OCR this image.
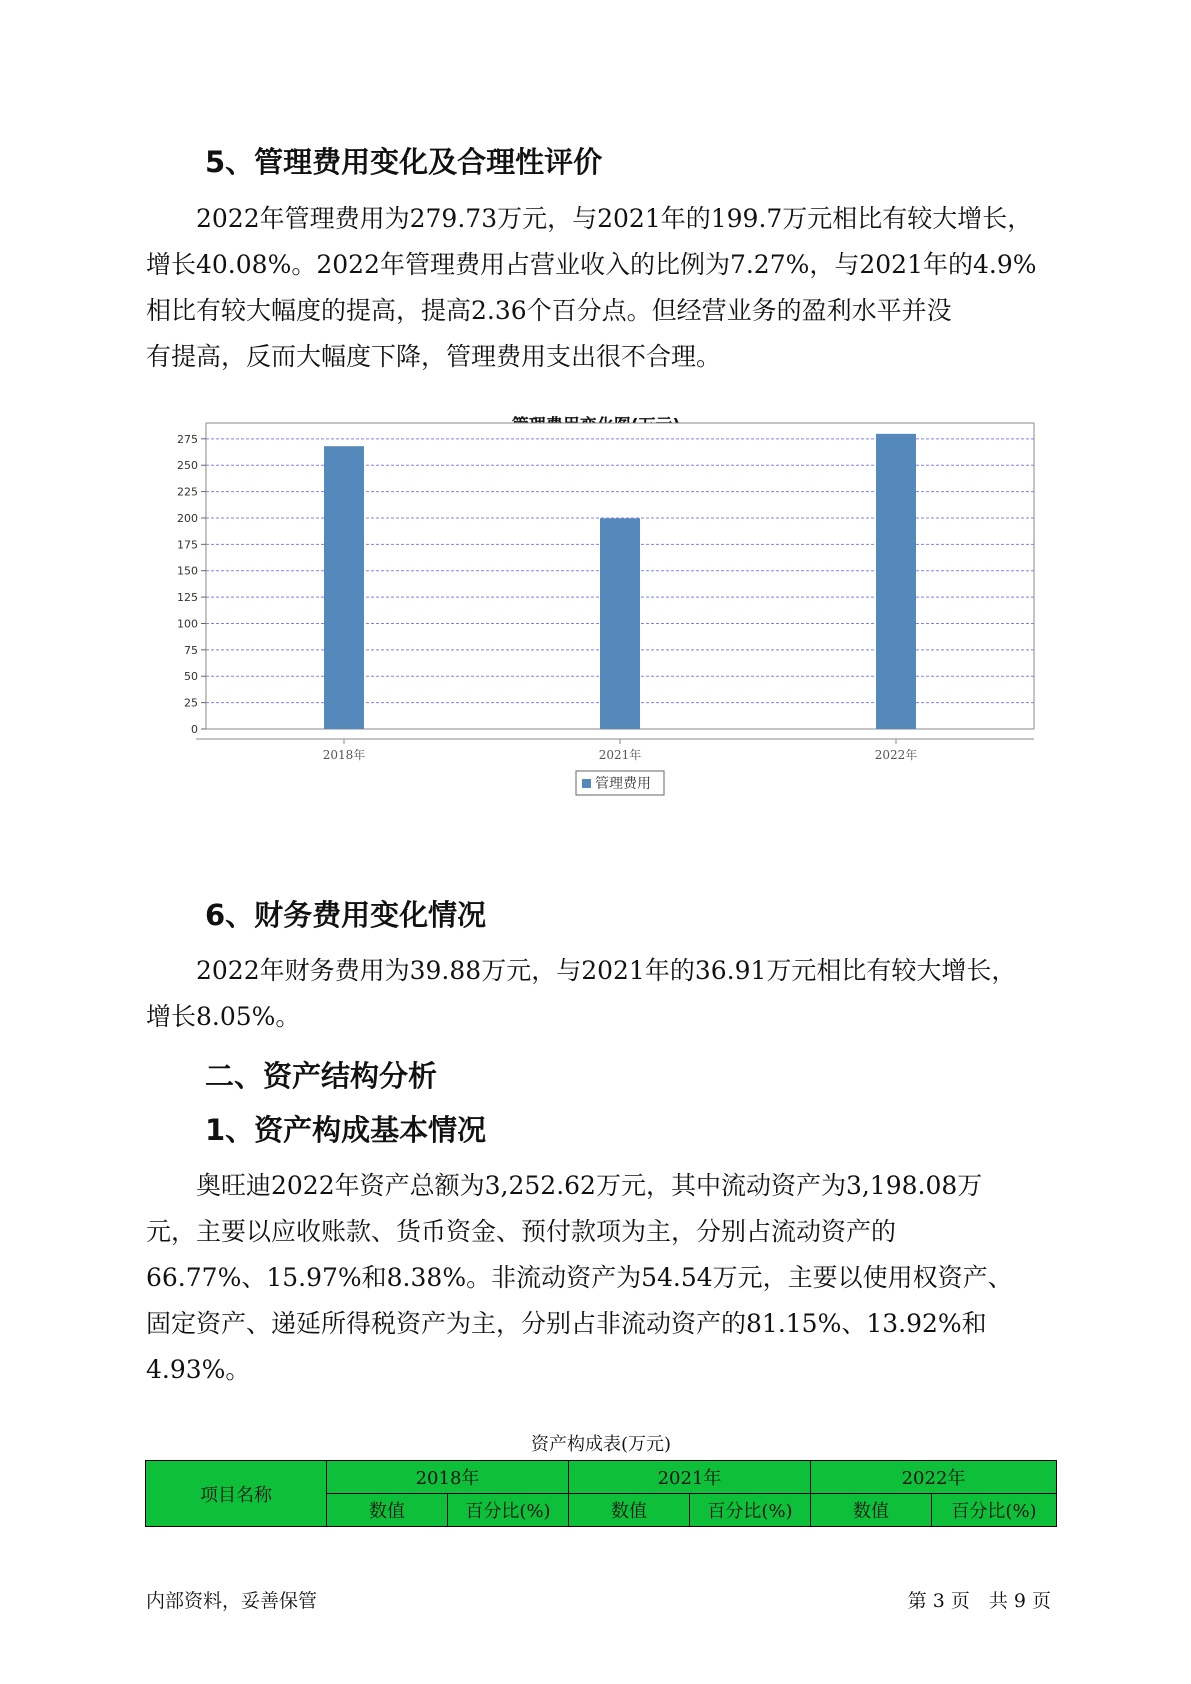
5、管理费用变化及合理性评价
　　2022年管理费用为279.73万元，与2021年的199.7万元相比有较大增长，
增长40.08%。2022年管理费用占营业收入的比例为7.27%，与2021年的4.9%
相比有较大幅度的提高，提高2.36个百分点。但经营业务的盈利水平并没
有提高，反而大幅度下降，管理费用支出很不合理。
0
25
50
75
100
125
150
175
200
225
250
275
2018年	2021年	2022年
管理费用
6、财务费用变化情况
　　2022年财务费用为39.88万元，与2021年的36.91万元相比有较大增长，
增长8.05%。
二、资产结构分析
1、资产构成基本情况
　　奥旺迪2022年资产总额为3,252.62万元，其中流动资产为3,198.08万
元，主要以应收账款、货币资金、预付款项为主，分别占流动资产的
66.77%、15.97%和8.38%。非流动资产为54.54万元，主要以使用权资产、
固定资产、递延所得税资产为主，分别占非流动资产的81.15%、13.92%和
4.93%。
资产构成表(万元)
项目名称	2018年		2021年		2022年	
	数值	百分比(%)	数值	百分比(%)	数值	百分比(%)
内部资料，妥善保管	第 3 页　共 9 页
